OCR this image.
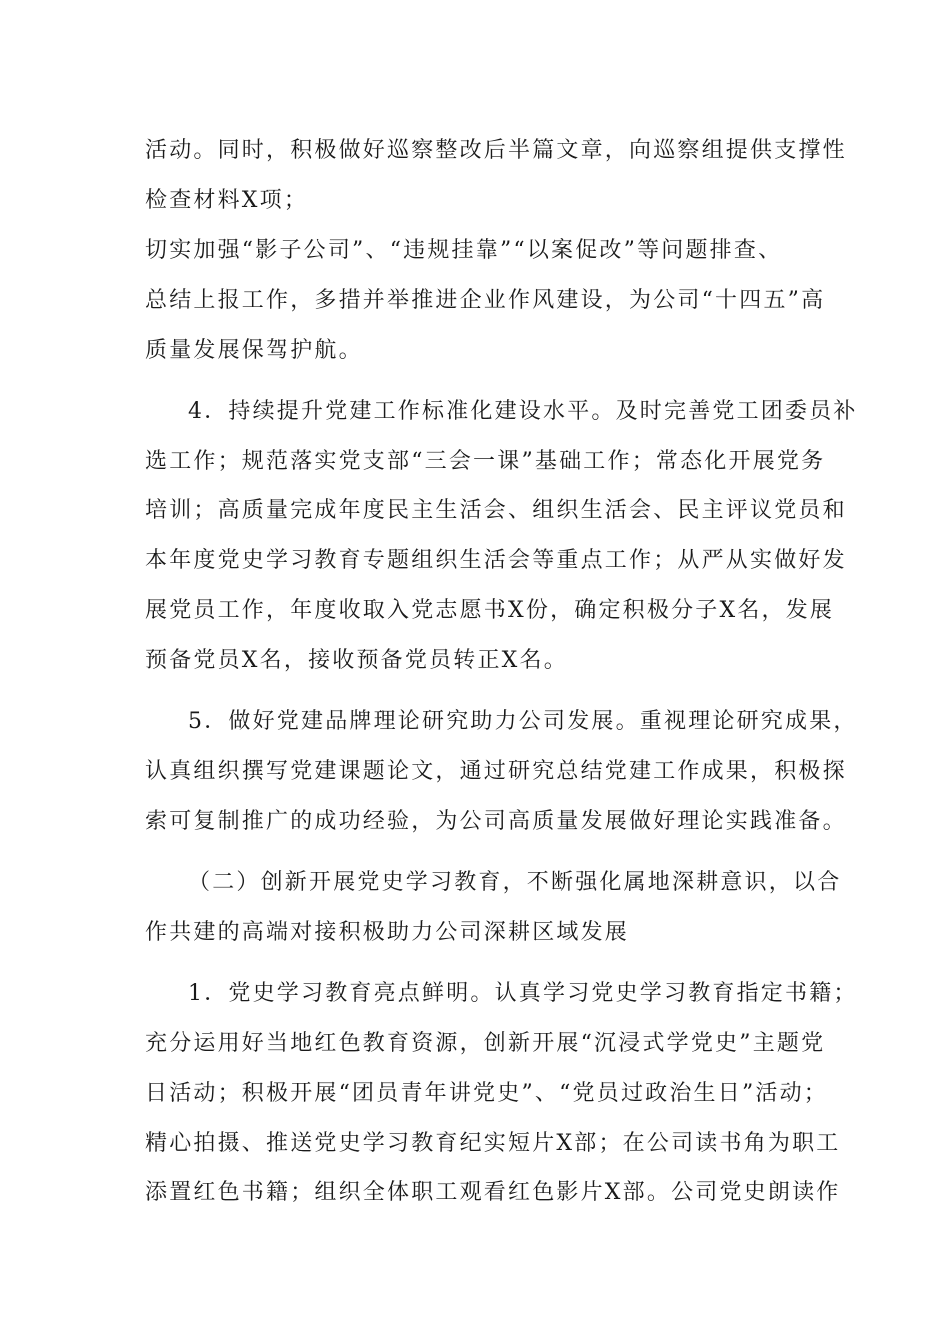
活动。同时，积极做好巡察整改后半篇文章，向巡察组提供支撑性
检查材料X项；
切实加强“影子公司”、“违规挂靠”“以案促改”等问题排查、
总结上报工作，多措并举推进企业作风建设，为公司“十四五”高
质量发展保驾护航。
4．持续提升党建工作标准化建设水平。及时完善党工团委员补
选工作；规范落实党支部“三会一课”基础工作；常态化开展党务
培训；高质量完成年度民主生活会、组织生活会、民主评议党员和
本年度党史学习教育专题组织生活会等重点工作；从严从实做好发
展党员工作，年度收取入党志愿书X份，确定积极分子X名，发展
预备党员X名，接收预备党员转正X名。
5．做好党建品牌理论研究助力公司发展。重视理论研究成果，
认真组织撰写党建课题论文，通过研究总结党建工作成果，积极探
索可复制推广的成功经验，为公司高质量发展做好理论实践准备。
（二）创新开展党史学习教育，不断强化属地深耕意识，以合
作共建的高端对接积极助力公司深耕区域发展
1．党史学习教育亮点鲜明。认真学习党史学习教育指定书籍；
充分运用好当地红色教育资源，创新开展“沉浸式学党史”主题党
日活动；积极开展“团员青年讲党史”、“党员过政治生日”活动；
精心拍摄、推送党史学习教育纪实短片X部；在公司读书角为职工
添置红色书籍；组织全体职工观看红色影片X部。公司党史朗读作
